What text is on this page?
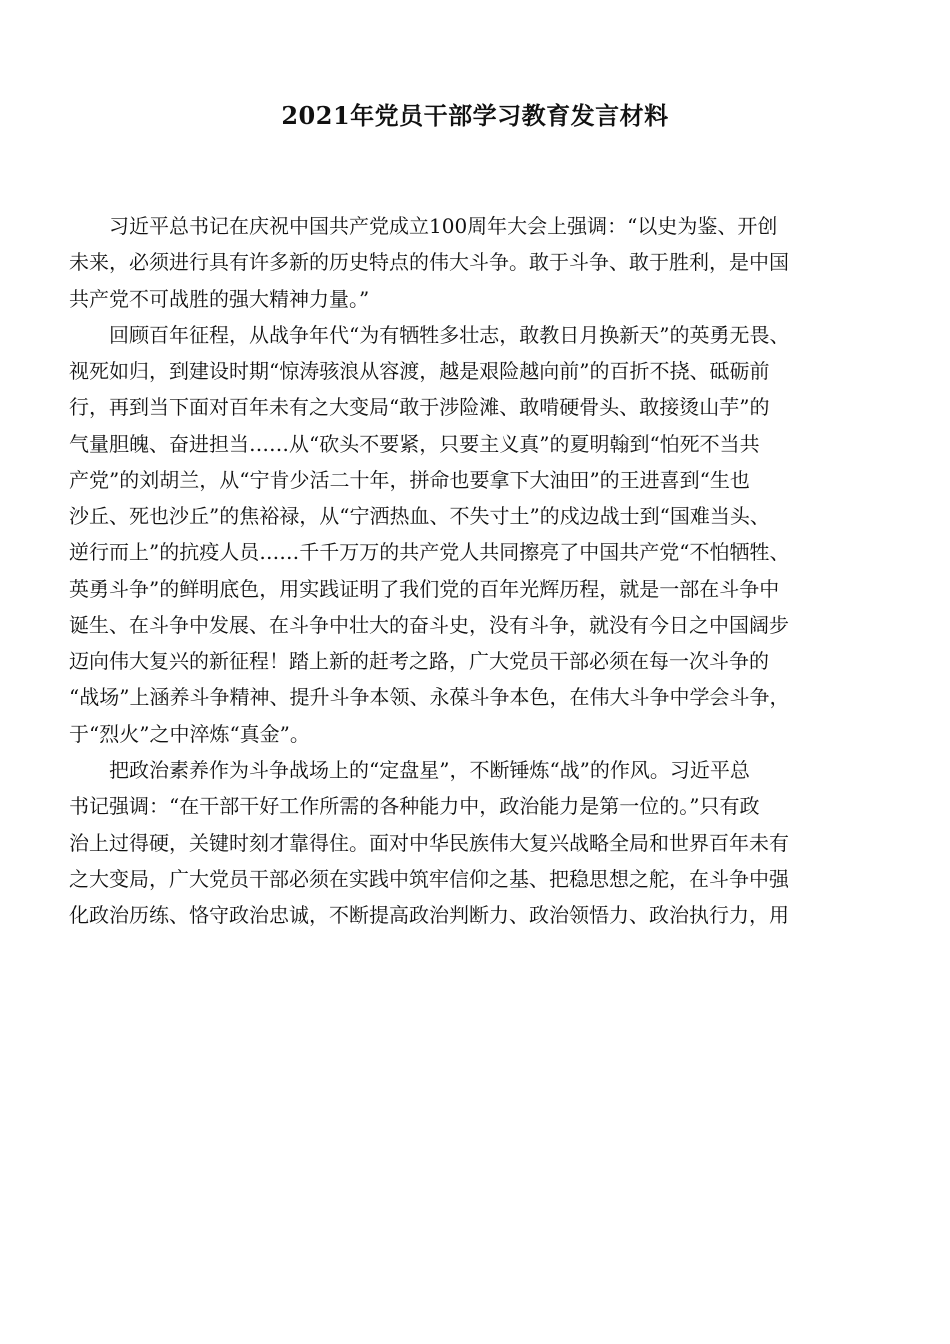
2021年党员干部学习教育发言材料
习近平总书记在庆祝中国共产党成立100周年大会上强调：“以史为鉴、开创
未来，必须进行具有许多新的历史特点的伟大斗争。敢于斗争、敢于胜利，是中国
共产党不可战胜的强大精神力量。”
回顾百年征程，从战争年代“为有牺牲多壮志，敢教日月换新天”的英勇无畏、
视死如归，到建设时期“惊涛骇浪从容渡，越是艰险越向前”的百折不挠、砥砺前
行，再到当下面对百年未有之大变局“敢于涉险滩、敢啃硬骨头、敢接烫山芋”的
气量胆魄、奋进担当……从“砍头不要紧，只要主义真”的夏明翰到“怕死不当共
产党”的刘胡兰，从“宁肯少活二十年，拼命也要拿下大油田”的王进喜到“生也
沙丘、死也沙丘”的焦裕禄，从“宁洒热血、不失寸土”的戍边战士到“国难当头、
逆行而上”的抗疫人员……千千万万的共产党人共同擦亮了中国共产党“不怕牺牲、
英勇斗争”的鲜明底色，用实践证明了我们党的百年光辉历程，就是一部在斗争中
诞生、在斗争中发展、在斗争中壮大的奋斗史，没有斗争，就没有今日之中国阔步
迈向伟大复兴的新征程！踏上新的赶考之路，广大党员干部必须在每一次斗争的
“战场”上涵养斗争精神、提升斗争本领、永葆斗争本色，在伟大斗争中学会斗争，
于“烈火”之中淬炼“真金”。
把政治素养作为斗争战场上的“定盘星”，不断锤炼“战”的作风。习近平总
书记强调：“在干部干好工作所需的各种能力中，政治能力是第一位的。”只有政
治上过得硬，关键时刻才靠得住。面对中华民族伟大复兴战略全局和世界百年未有
之大变局，广大党员干部必须在实践中筑牢信仰之基、把稳思想之舵，在斗争中强
化政治历练、恪守政治忠诚，不断提高政治判断力、政治领悟力、政治执行力，用
